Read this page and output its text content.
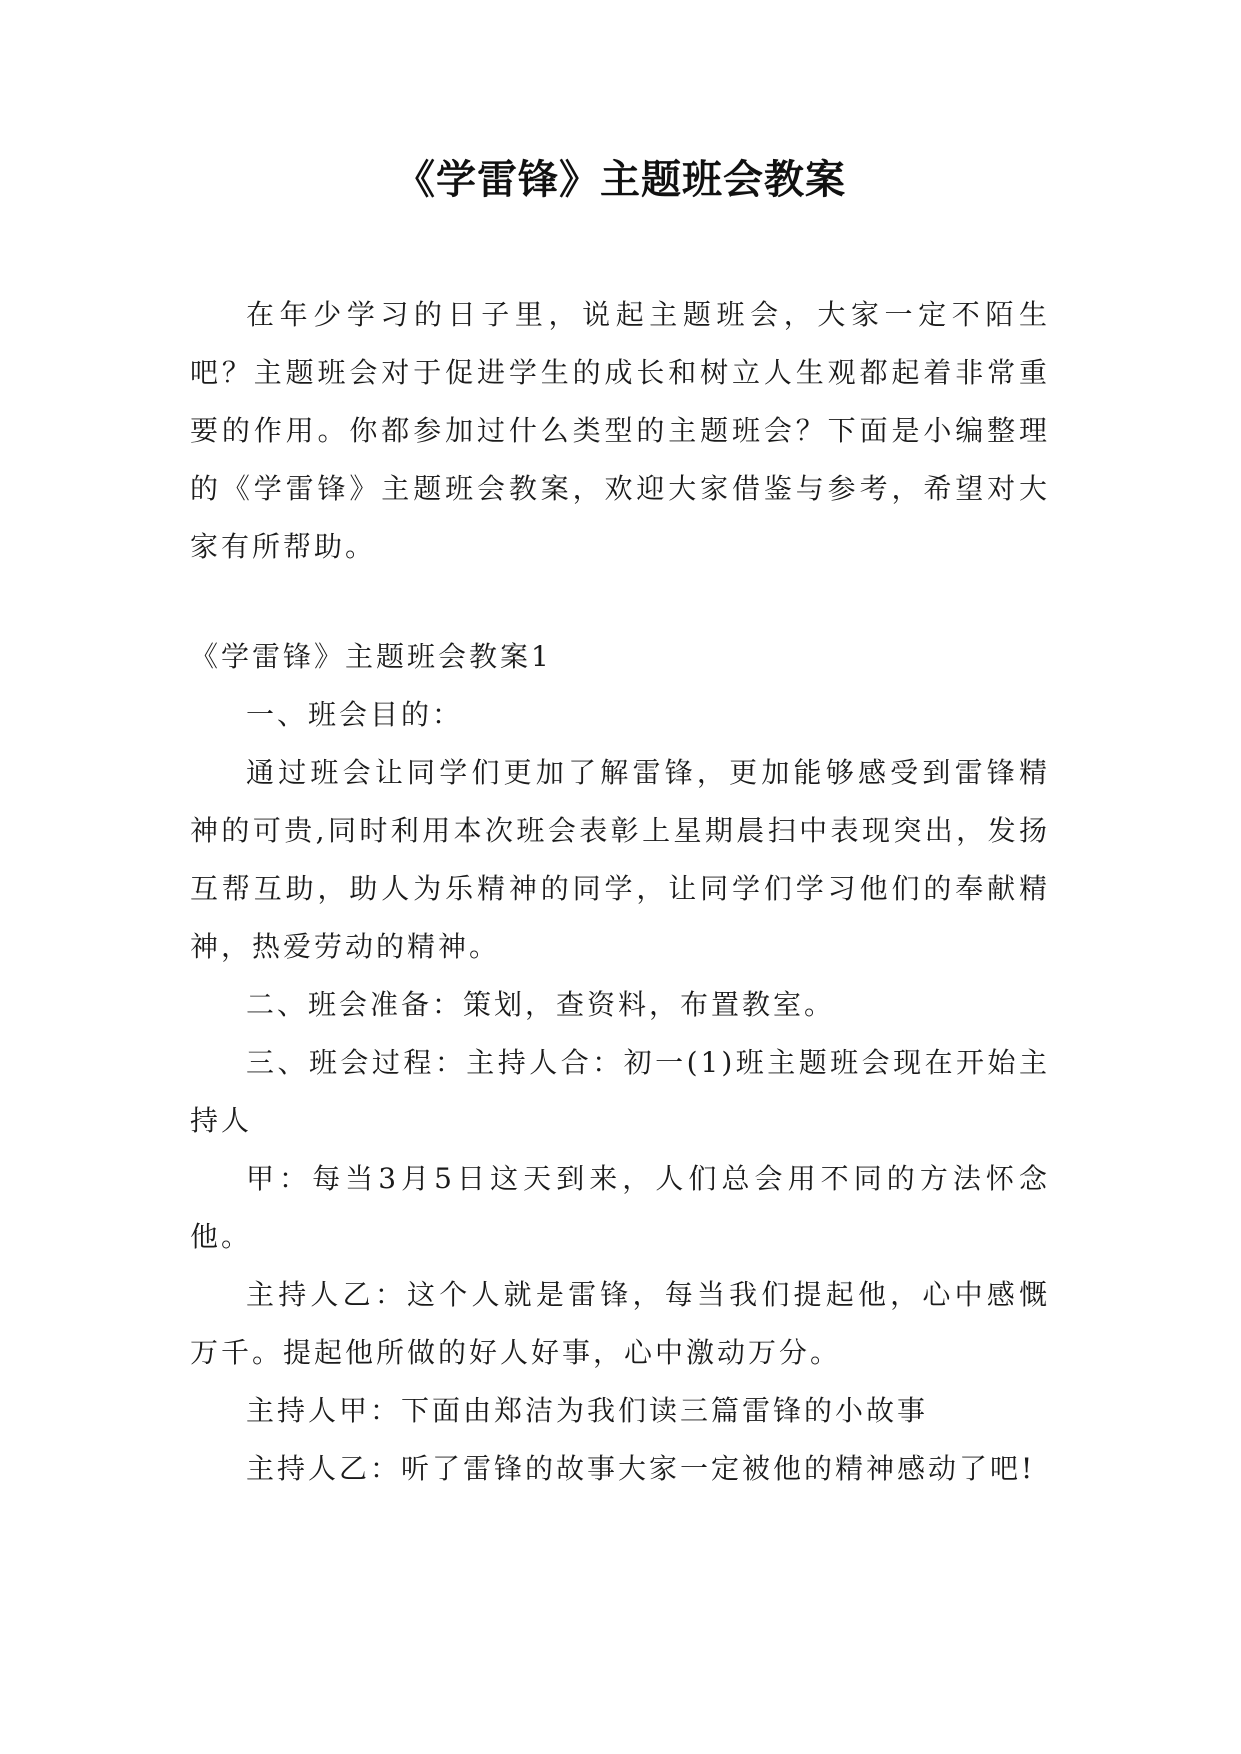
《学雷锋》主题班会教案

在年少学习的日子里，说起主题班会，大家一定不陌生吧？主题班会对于促进学生的成长和树立人生观都起着非常重要的作用。你都参加过什么类型的主题班会？下面是小编整理的《学雷锋》主题班会教案，欢迎大家借鉴与参考，希望对大家有所帮助。

《学雷锋》主题班会教案1

一、班会目的：

通过班会让同学们更加了解雷锋，更加能够感受到雷锋精神的可贵,同时利用本次班会表彰上星期晨扫中表现突出，发扬互帮互助，助人为乐精神的同学，让同学们学习他们的奉献精神，热爱劳动的精神。

二、班会准备：策划，查资料，布置教室。

三、班会过程：主持人合：初一(1)班主题班会现在开始主持人

甲：每当3月5日这天到来，人们总会用不同的方法怀念他。

主持人乙：这个人就是雷锋，每当我们提起他，心中感慨万千。提起他所做的好人好事，心中激动万分。

主持人甲：下面由郑洁为我们读三篇雷锋的小故事

主持人乙：听了雷锋的故事大家一定被他的精神感动了吧!
